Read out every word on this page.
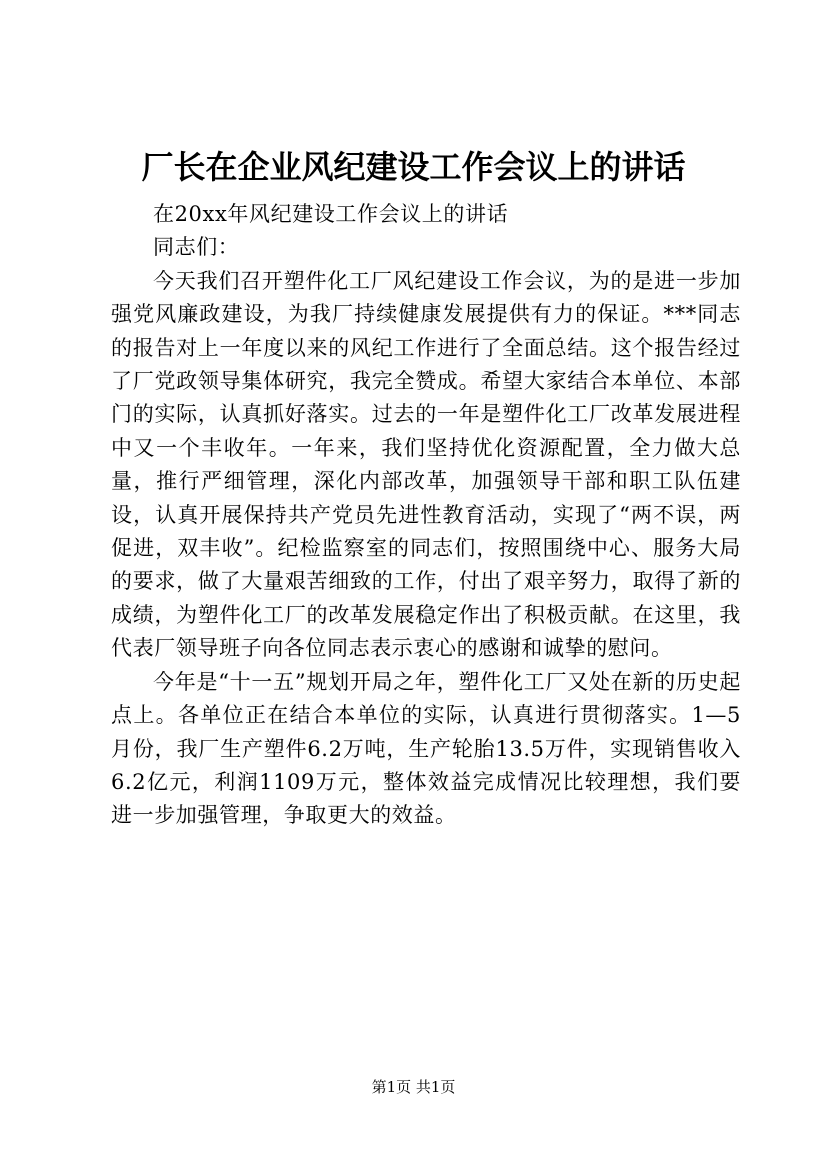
厂长在企业风纪建设工作会议上的讲话

在20xx年风纪建设工作会议上的讲话

同志们：

今天我们召开塑件化工厂风纪建设工作会议，为的是进一步加强党风廉政建设，为我厂持续健康发展提供有力的保证。***同志的报告对上一年度以来的风纪工作进行了全面总结。这个报告经过了厂党政领导集体研究，我完全赞成。希望大家结合本单位、本部门的实际，认真抓好落实。过去的一年是塑件化工厂改革发展进程中又一个丰收年。一年来，我们坚持优化资源配置，全力做大总量，推行严细管理，深化内部改革，加强领导干部和职工队伍建设，认真开展保持共产党员先进性教育活动，实现了“两不误，两促进，双丰收”。纪检监察室的同志们，按照围绕中心、服务大局的要求，做了大量艰苦细致的工作，付出了艰辛努力，取得了新的成绩，为塑件化工厂的改革发展稳定作出了积极贡献。在这里，我代表厂领导班子向各位同志表示衷心的感谢和诚挚的慰问。

今年是“十一五”规划开局之年，塑件化工厂又处在新的历史起点上。各单位正在结合本单位的实际，认真进行贯彻落实。1—5月份，我厂生产塑件6.2万吨，生产轮胎13.5万件，实现销售收入6.2亿元，利润1109万元，整体效益完成情况比较理想，我们要进一步加强管理，争取更大的效益。

第1页 共1页
